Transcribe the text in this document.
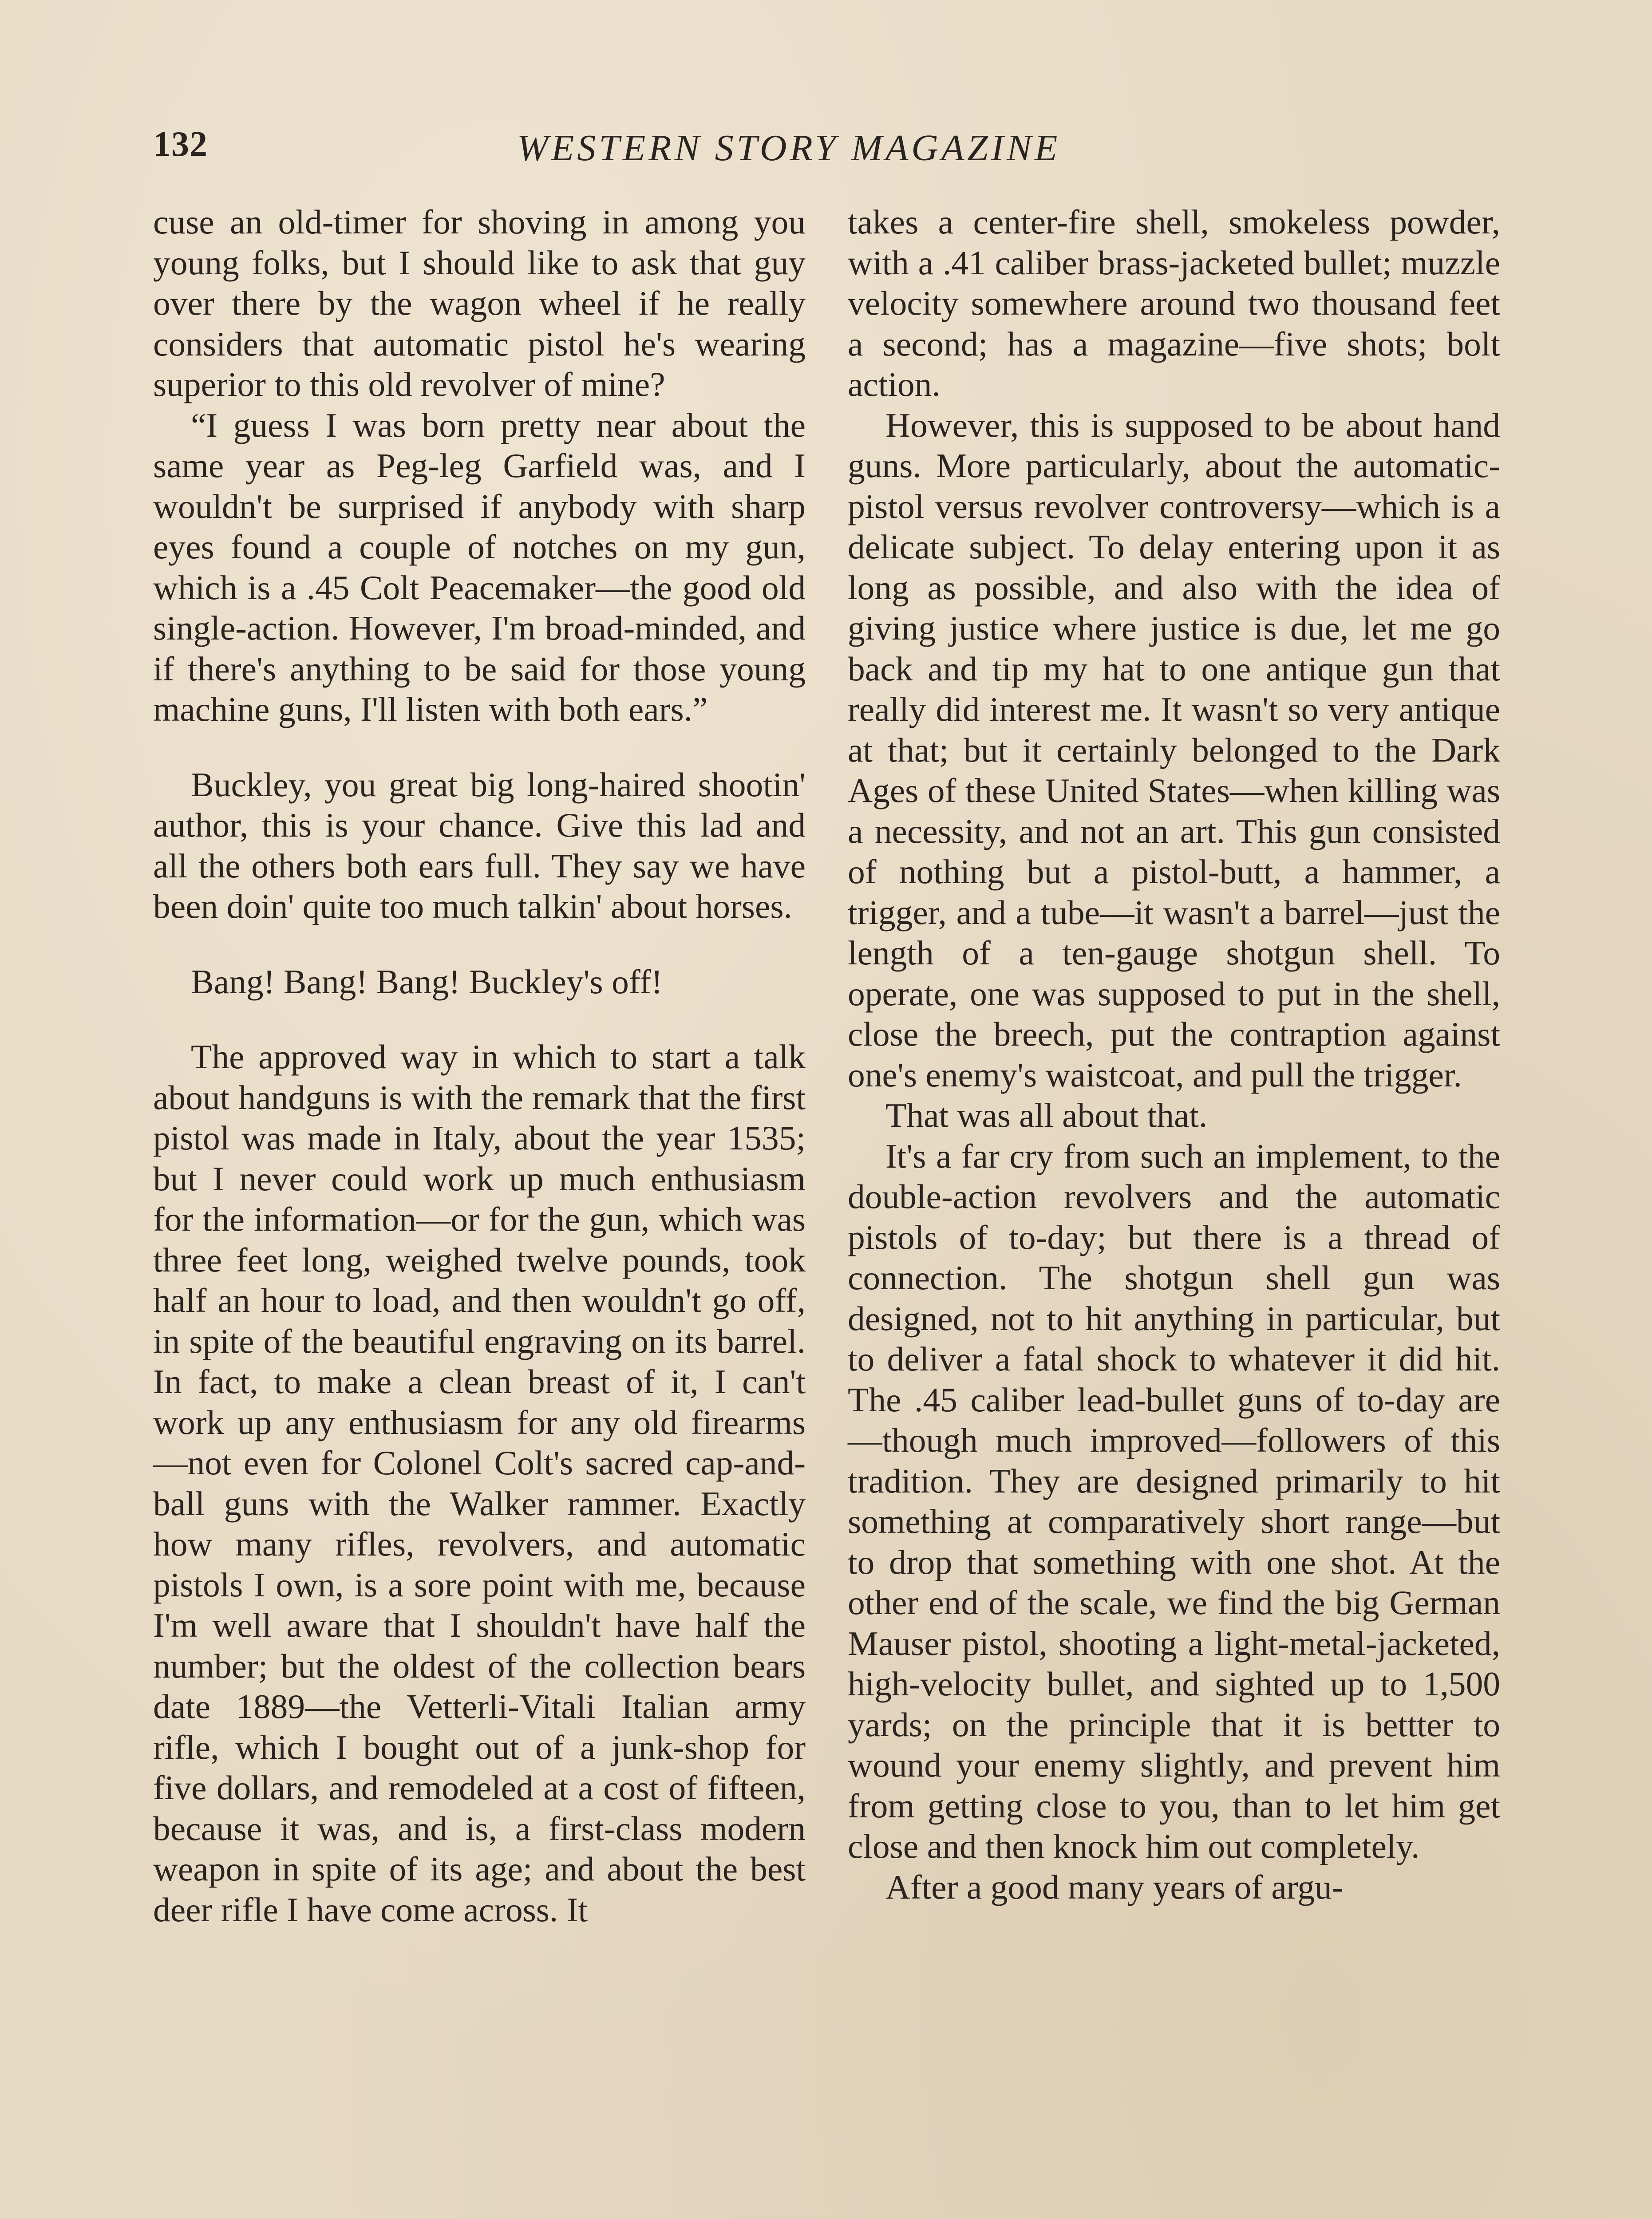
132	WESTERN STORY MAGAZINE

cuse an old-timer for shoving in among you young folks, but I should like to ask that guy over there by the wagon wheel if he really considers that automatic pistol he's wearing superior to this old revolver of mine?

“I guess I was born pretty near about the same year as Peg-leg Garfield was, and I wouldn't be surprised if anybody with sharp eyes found a couple of notches on my gun, which is a .45 Colt Peacemaker—the good old single-action. However, I'm broad-minded, and if there's anything to be said for those young machine guns, I'll listen with both ears.”

Buckley, you great big long-haired shootin' author, this is your chance. Give this lad and all the others both ears full. They say we have been doin' quite too much talkin' about horses.

Bang! Bang! Bang! Buckley's off!

The approved way in which to start a talk about handguns is with the remark that the first pistol was made in Italy, about the year 1535; but I never could work up much enthusiasm for the information—or for the gun, which was three feet long, weighed twelve pounds, took half an hour to load, and then wouldn't go off, in spite of the beautiful engraving on its barrel. In fact, to make a clean breast of it, I can't work up any enthusiasm for any old firearms —not even for Colonel Colt's sacred cap-and-ball guns with the Walker rammer. Exactly how many rifles, revolvers, and automatic pistols I own, is a sore point with me, because I'm well aware that I shouldn't have half the number; but the oldest of the collection bears date 1889—the Vetterli-Vitali Italian army rifle, which I bought out of a junk-shop for five dollars, and remodeled at a cost of fifteen, because it was, and is, a first-class modern weapon in spite of its age; and about the best deer rifle I have come across. It

takes a center-fire shell, smokeless powder, with a .41 caliber brass-jacketed bullet; muzzle velocity somewhere around two thousand feet a second; has a magazine—five shots; bolt action.

However, this is supposed to be about hand guns. More particularly, about the automatic-pistol versus revolver controversy—which is a delicate subject. To delay entering upon it as long as possible, and also with the idea of giving justice where justice is due, let me go back and tip my hat to one antique gun that really did interest me. It wasn't so very antique at that; but it certainly belonged to the Dark Ages of these United States—when killing was a necessity, and not an art. This gun consisted of nothing but a pistol-butt, a hammer, a trigger, and a tube—it wasn't a barrel—just the length of a ten-gauge shotgun shell. To operate, one was supposed to put in the shell, close the breech, put the contraption against one's enemy's waistcoat, and pull the trigger.

That was all about that.

It's a far cry from such an implement, to the double-action revolvers and the automatic pistols of to-day; but there is a thread of connection. The shotgun shell gun was designed, not to hit anything in particular, but to deliver a fatal shock to whatever it did hit. The .45 caliber lead-bullet guns of to-day are—though much improved—followers of this tradition. They are designed primarily to hit something at comparatively short range—but to drop that something with one shot. At the other end of the scale, we find the big German Mauser pistol, shooting a light-metal-jacketed, high-velocity bullet, and sighted up to 1,500 yards; on the principle that it is bettter to wound your enemy slightly, and prevent him from getting close to you, than to let him get close and then knock him out completely.

After a good many years of argu-
